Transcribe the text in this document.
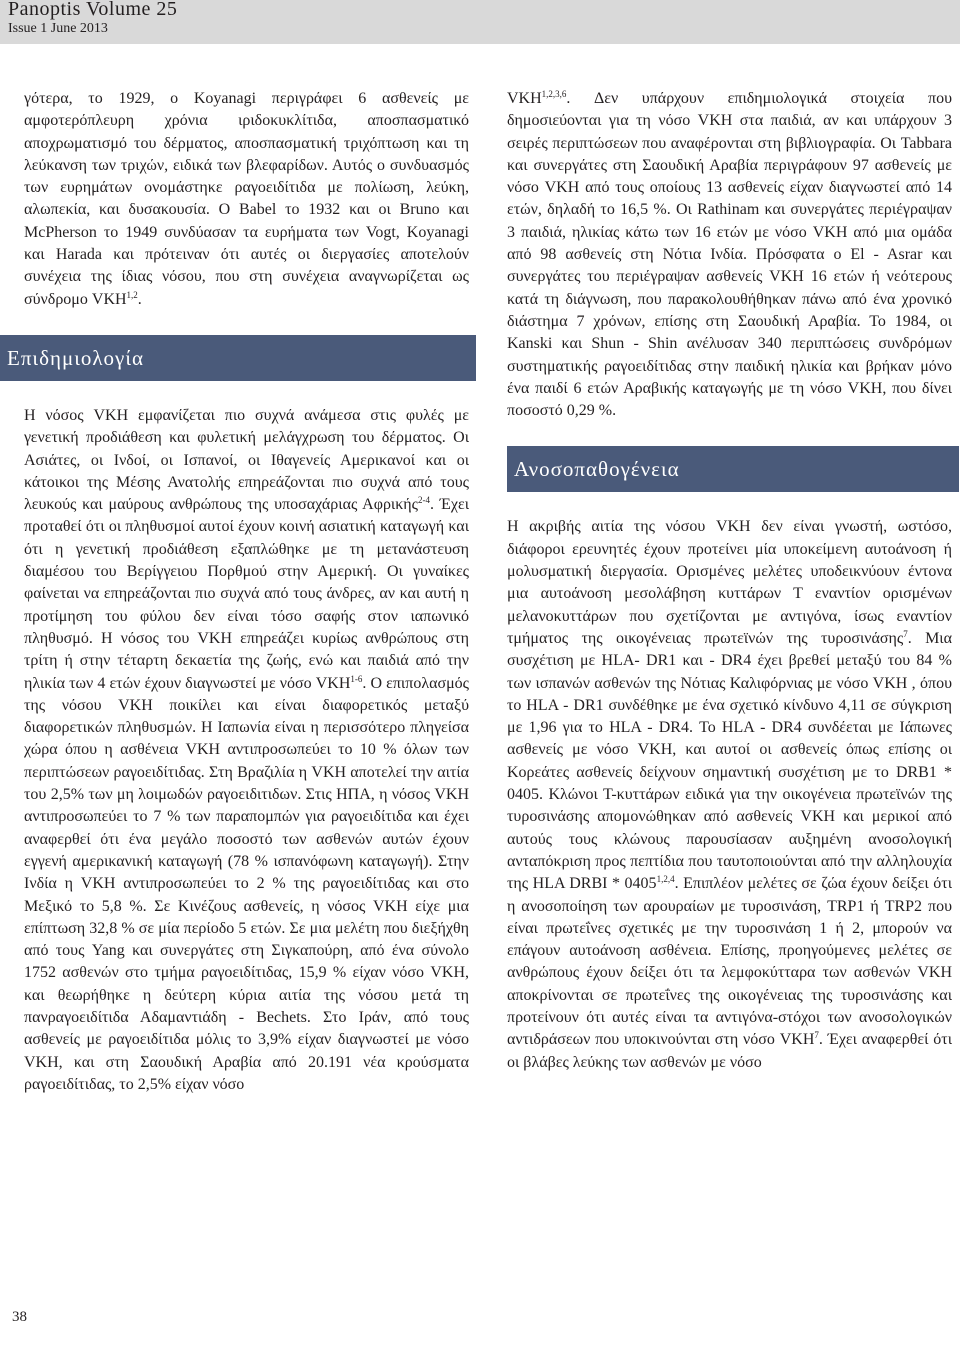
Panoptis Volume 25
Issue 1 June 2013

γότερα, το 1929, ο Koyanagi περιγράφει 6 ασθενείς με αμφοτερόπλευρη χρόνια ιριδοκυκλίτιδα, αποσπασματικό αποχρωματισμό του δέρματος, αποσπασματική τριχόπτωση και τη λεύκανση των τριχών, ειδικά των βλεφαρίδων. Αυτός ο συνδυασμός των ευρημάτων ονομάστηκε ραγοειδίτιδα με πολίωση, λεύκη, αλωπεκία, και δυσακουσία. Ο Babel το 1932 και οι Bruno και McPherson το 1949 συνδύασαν τα ευρήματα των Vogt, Koyanagi και Harada και πρότειναν ότι αυτές οι διεργασίες αποτελούν συνέχεια της ίδιας νόσου, που στη συνέχεια αναγνωρίζεται ως σύνδρομο VKH$^{1,2}$.

Επιδημιολογία

Η νόσος VKH εμφανίζεται πιο συχνά ανάμεσα στις φυλές με γενετική προδιάθεση και φυλετική μελάγχρωση του δέρματος. Οι Ασιάτες, οι Ινδοί, οι Ισπανοί, οι Ιθαγενείς Αμερικανοί και οι κάτοικοι της Μέσης Ανατολής επηρεάζονται πιο συχνά από τους λευκούς και μαύρους ανθρώπους της υποσαχάριας Αφρικής$^{2-4}$. Έχει προταθεί ότι οι πληθυσμοί αυτοί έχουν κοινή ασιατική καταγωγή και ότι η γενετική προδιάθεση εξαπλώθηκε με τη μετανάστευση διαμέσου του Βερίγγειου Πορθμού στην Αμερική. Οι γυναίκες φαίνεται να επηρεάζονται πιο συχνά από τους άνδρες, αν και αυτή η προτίμηση του φύλου δεν είναι τόσο σαφής στον ιαπωνικό πληθυσμό. Η νόσος του VKH επηρεάζει κυρίως ανθρώπους στη τρίτη ή στην τέταρτη δεκαετία της ζωής, ενώ και παιδιά από την ηλικία των 4 ετών έχουν διαγνωστεί με νόσο VKH$^{1-6}$. Ο επιπολασμός της νόσου VKH ποικίλει και είναι διαφορετικός μεταξύ διαφορετικών πληθυσμών. Η Ιαπωνία είναι η περισσότερο πληγείσα χώρα όπου η ασθένεια VKH αντιπροσωπεύει το 10 % όλων των περιπτώσεων ραγοειδίτιδας. Στη Βραζιλία η VKH αποτελεί την αιτία του 2,5% των μη λοιμωδών ραγοειδιτιδων. Στις ΗΠΑ, η νόσος VKH αντιπροσωπεύει το 7 % των παραπομπών για ραγοειδίτιδα και έχει αναφερθεί ότι ένα μεγάλο ποσοστό των ασθενών αυτών έχουν εγγενή αμερικανική καταγωγή (78 % ισπανόφωνη καταγωγή). Στην Ινδία η VKH αντιπροσωπεύει το 2 % της ραγοειδίτιδας και στο Μεξικό το 5,8 %. Σε Κινέζους ασθενείς, η νόσος VKH είχε μια επίπτωση 32,8 % σε μία περίοδο 5 ετών. Σε μια μελέτη που διεξήχθη από τους Yang και συνεργάτες στη Σιγκαπούρη, από ένα σύνολο 1752 ασθενών στο τμήμα ραγοειδίτιδας, 15,9 % είχαν νόσο VKH, και θεωρήθηκε η δεύτερη κύρια αιτία της νόσου μετά τη πανραγοειδίτιδα Αδαμαντιάδη - Bechets. Στο Ιράν, από τους ασθενείς με ραγοειδίτιδα μόλις το 3,9% είχαν διαγνωστεί με νόσο VKH, και στη Σαουδική Αραβία από 20.191 νέα κρούσματα ραγοειδίτιδας, το 2,5% είχαν νόσο

VKH$^{1,2,3,6}$. Δεν υπάρχουν επιδημιολογικά στοιχεία που δημοσιεύονται για τη νόσο VKH στα παιδιά, αν και υπάρχουν 3 σειρές περιπτώσεων που αναφέρονται στη βιβλιογραφία. Οι Tabbara και συνεργάτες στη Σαουδική Αραβία περιγράφουν 97 ασθενείς με νόσο VKH από τους οποίους 13 ασθενείς είχαν διαγνωστεί από 14 ετών, δηλαδή το 16,5 %. Οι Rathinam και συνεργάτες περιέγραψαν 3 παιδιά, ηλικίας κάτω των 16 ετών με νόσο VKH από μια ομάδα από 98 ασθενείς στη Νότια Ινδία. Πρόσφατα ο El - Asrar και συνεργάτες του περιέγραψαν ασθενείς VKH 16 ετών ή νεότερους κατά τη διάγνωση, που παρακολουθήθηκαν πάνω από ένα χρονικό διάστημα 7 χρόνων, επίσης στη Σαουδική Αραβία. Το 1984, οι Kanski και Shun - Shin ανέλυσαν 340 περιπτώσεις συνδρόμων συστηματικής ραγοειδίτιδας στην παιδική ηλικία και βρήκαν μόνο ένα παιδί 6 ετών Αραβικής καταγωγής με τη νόσο VKH, που δίνει ποσοστό 0,29 %.

Ανοσοπαθογένεια

Η ακριβής αιτία της νόσου VKH δεν είναι γνωστή, ωστόσο, διάφοροι ερευνητές έχουν προτείνει μία υποκείμενη αυτοάνοση ή μολυσματική διεργασία. Ορισμένες μελέτες υποδεικνύουν έντονα μια αυτοάνοση μεσολάβηση κυττάρων Τ εναντίον ορισμένων μελανοκυττάρων που σχετίζονται με αντιγόνα, ίσως εναντίον τμήματος της οικογένειας πρωτεϊνών της τυροσινάσης$^7$. Μια συσχέτιση με HLA- DR1 και - DR4 έχει βρεθεί μεταξύ του 84 % των ισπανών ασθενών της Νότιας Καλιφόρνιας με νόσο VKH , όπου το HLA - DR1 συνδέθηκε με ένα σχετικό κίνδυνο 4,11 σε σύγκριση με 1,96 για το HLA - DR4. Το HLA - DR4 συνδέεται με Ιάπωνες ασθενείς με νόσο VKH, και αυτοί οι ασθενείς όπως επίσης οι Κορεάτες ασθενείς δείχνουν σημαντική συσχέτιση με το DRB1 * 0405. Κλώνοι Τ-κυττάρων ειδικά για την οικογένεια πρωτεϊνών της τυροσινάσης απομονώθηκαν από ασθενείς VKH και μερικοί από αυτούς τους κλώνους παρουσίασαν αυξημένη ανοσολογική ανταπόκριση προς πεπτίδια που ταυτοποιούνται από την αλληλουχία της HLA DRBI * 0405$^{1,2,4}$. Επιπλέον μελέτες σε ζώα έχουν δείξει ότι η ανοσοποίηση των αρουραίων με τυροσινάση, TRP1 ή TRP2 που είναι πρωτεΐνες σχετικές με την τυροσινάση 1 ή 2, μπορούν να επάγουν αυτοάνοση ασθένεια. Επίσης, προηγούμενες μελέτες σε ανθρώπους έχουν δείξει ότι τα λεμφοκύτταρα των ασθενών VKH αποκρίνονται σε πρωτεΐνες της οικογένειας της τυροσινάσης και προτείνουν ότι αυτές είναι τα αντιγόνα-στόχοι των ανοσολογικών αντιδράσεων που υποκινούνται στη νόσο VKH$^7$. Έχει αναφερθεί ότι οι βλάβες λεύκης των ασθενών με νόσο

38
